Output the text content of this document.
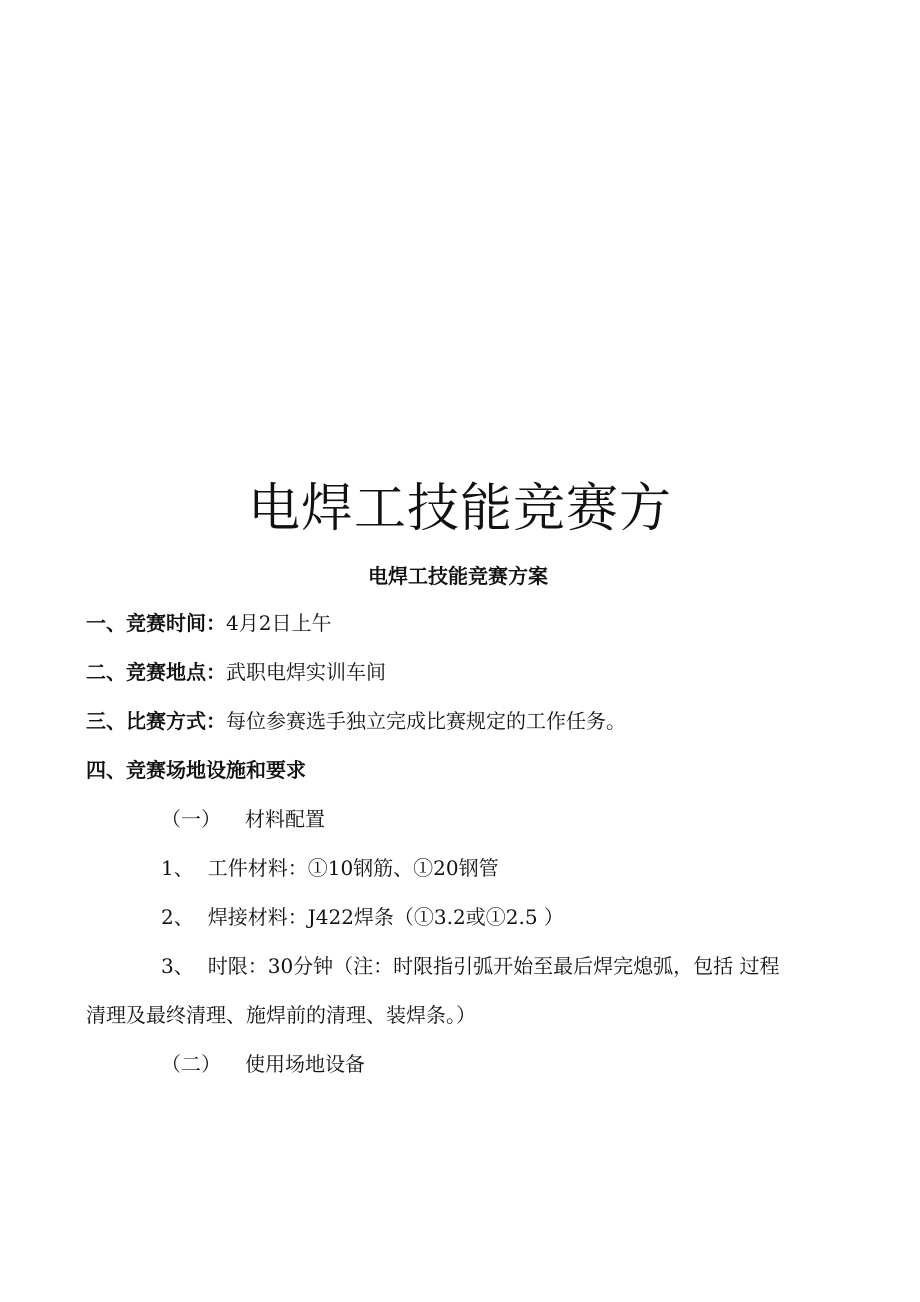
电焊工技能竞赛方
电焊工技能竞赛方案
一、竞赛时间：4月2日上午
二、竞赛地点：武职电焊实训车间
三、比赛方式：每位参赛选手独立完成比赛规定的工作任务。
四、竞赛场地设施和要求
（一） 材料配置
1、 工件材料：①10钢筋、①20钢管
2、 焊接材料：J422焊条（①3.2或①2.5 ）
3、 时限：30分钟（注：时限指引弧开始至最后焊完熄弧，包括 过程
清理及最终清理、施焊前的清理、装焊条。）
（二） 使用场地设备
